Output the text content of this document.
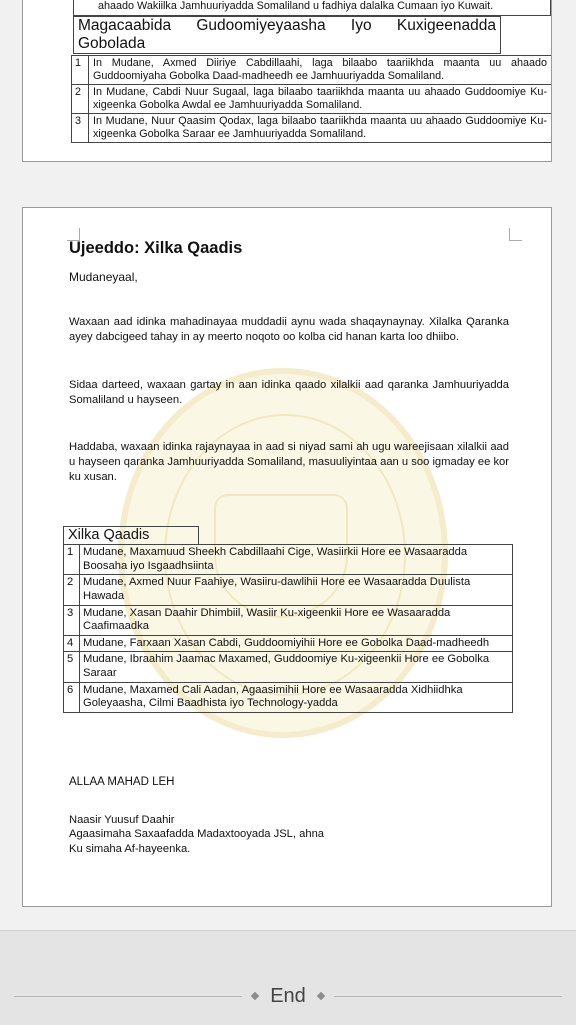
ahaado Wakiilka Jamhuuriyadda Somaliland u fadhiya dalalka Cumaan iyo Kuwait.
Magacaabida Gudoomiyeyaasha Iyo Kuxigeenadda
Gobolada
1	In Mudane, Axmed Diiriye Cabdillaahi, laga bilaabo taariikhda maanta uu ahaado Guddoomiyaha Gobolka Daad-madheedh ee Jamhuuriyadda Somaliland.
2	In Mudane, Cabdi Nuur Sugaal, laga bilaabo taariikhda maanta uu ahaado Guddoomiye Ku-xigeenka Gobolka Awdal ee Jamhuuriyadda Somaliland.
3	In Mudane, Nuur Qaasim Qodax, laga bilaabo taariikhda maanta uu ahaado Guddoomiye Ku-xigeenka Gobolka Saraar ee Jamhuuriyadda Somaliland.
Ujeeddo: Xilka Qaadis

Mudaneyaal,

Waxaan aad idinka mahadinayaa muddadii aynu wada shaqaynaynay. Xilalka Qaranka ayey dabcigeed tahay in ay meerto noqoto oo kolba cid hanan karta loo dhiibo.

Sidaa darteed, waxaan gartay in aan idinka qaado xilalkii aad qaranka Jamhuuriyadda Somaliland u hayseen.

Haddaba, waxaan idinka rajaynayaa in aad si niyad sami ah ugu wareejisaan xilalkii aad u hayseen qaranka Jamhuuriyadda Somaliland, masuuliyintaa aan u soo igmaday ee kor ku xusan.

Xilka Qaadis
1	Mudane, Maxamuud Sheekh Cabdillaahi Cige, Wasiirkii Hore ee Wasaaradda Boosaha iyo Isgaadhsiinta
2	Mudane, Axmed Nuur Faahiye, Wasiiru-dawlihii Hore ee Wasaaradda Duulista Hawada
3	Mudane, Xasan Daahir Dhimbiil, Wasiir Ku-xigeenkii Hore ee Wasaaradda Caafimaadka
4	Mudane, Farxaan Xasan Cabdi, Guddoomiyihii Hore ee Gobolka Daad-madheedh
5	Mudane, Ibraahim Jaamac Maxamed, Guddoomiye Ku-xigeenkii Hore ee Gobolka Saraar
6	Mudane, Maxamed Cali Aadan, Agaasimihii Hore ee Wasaaradda Xidhiidhka Goleyaasha, Cilmi Baadhista iyo Technology-yadda
ALLAA MAHAD LEH
Naasir Yuusuf Daahir
Agaasimaha Saxaafadda Madaxtooyada JSL, ahna
Ku simaha Af-hayeenka.
End
